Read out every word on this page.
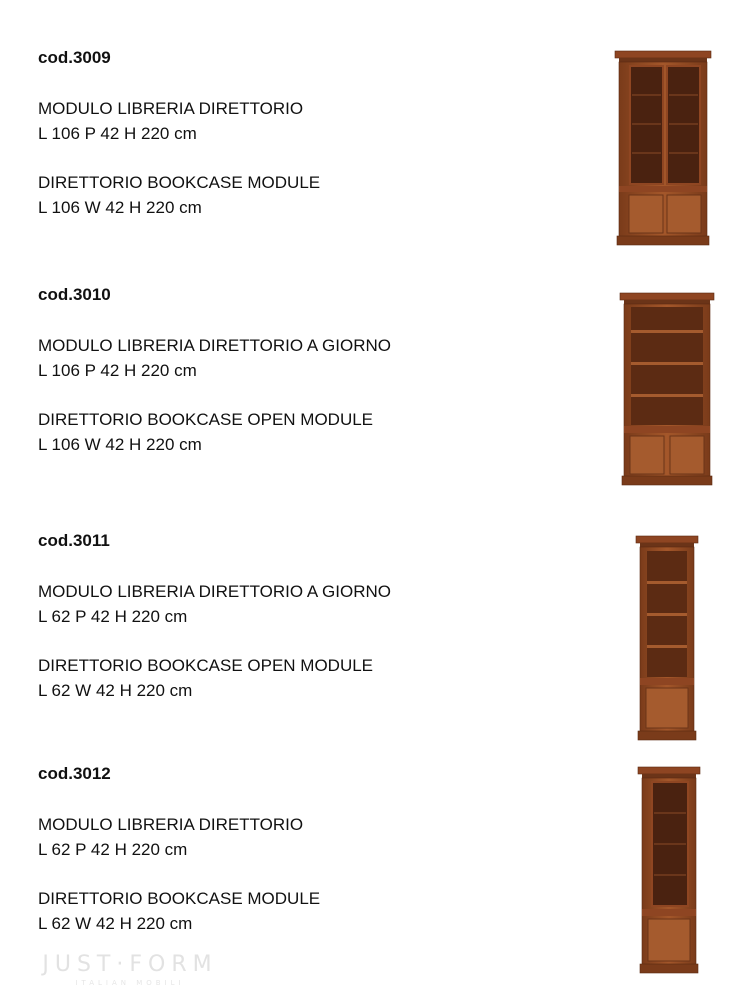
cod.3009

MODULO LIBRERIA DIRETTORIO

L 106 P 42 H 220 cm

DIRETTORIO BOOKCASE MODULE

L 106 W 42 H 220 cm

cod.3010

MODULO LIBRERIA DIRETTORIO A GIORNO

L 106 P 42 H 220 cm

DIRETTORIO BOOKCASE OPEN MODULE

L 106 W 42 H 220 cm

cod.3011

MODULO LIBRERIA DIRETTORIO A GIORNO

L 62 P 42 H 220 cm

DIRETTORIO BOOKCASE OPEN MODULE

L 62 W 42 H 220 cm

cod.3012

MODULO LIBRERIA DIRETTORIO

L 62 P 42 H 220 cm

DIRETTORIO BOOKCASE MODULE

L 62 W 42 H 220 cm

JUST·FORM
ITALIAN MOBILI
